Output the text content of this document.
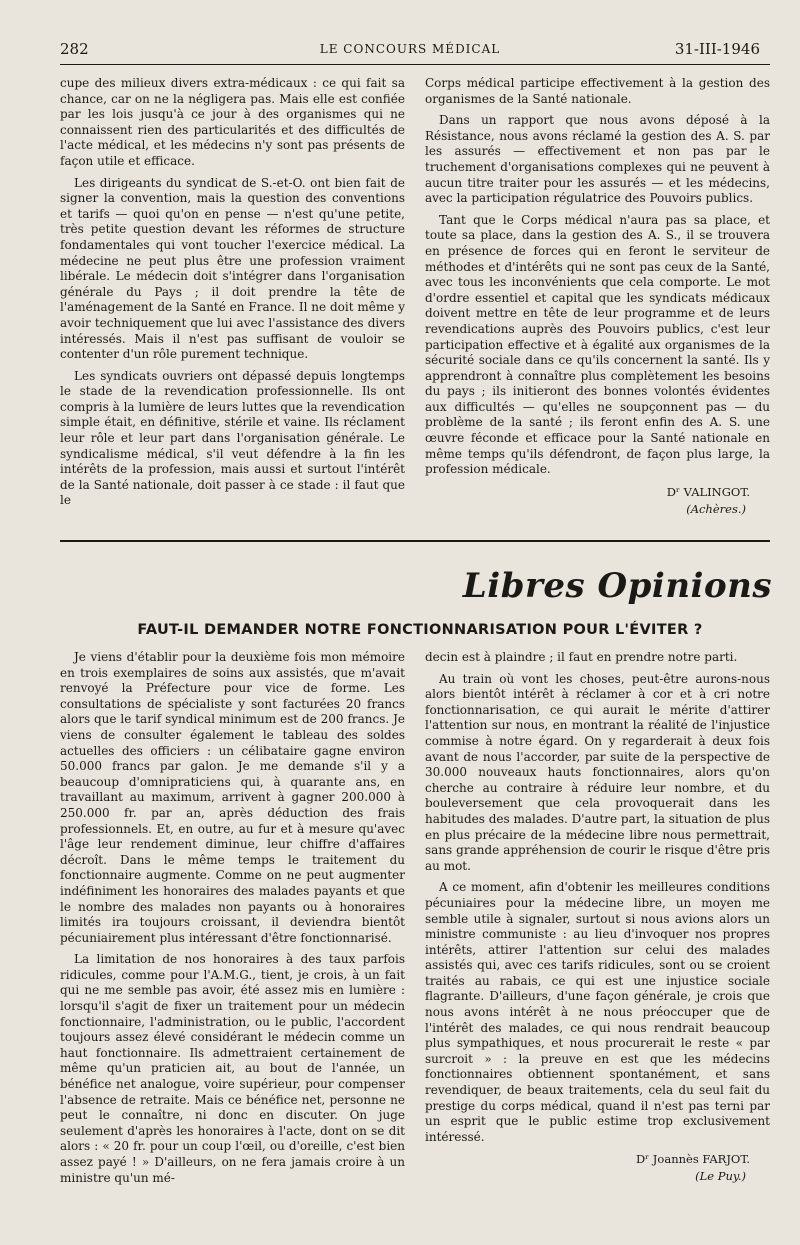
282	LE CONCOURS MÉDICAL	31-III-1946

cupe des milieux divers extra-médicaux : ce qui fait sa chance, car on ne la négligera pas. Mais elle est confiée par les lois jusqu'à ce jour à des organismes qui ne connaissent rien des particularités et des difficultés de l'acte médical, et les médecins n'y sont pas présents de façon utile et efficace.

Les dirigeants du syndicat de S.-et-O. ont bien fait de signer la convention, mais la question des conventions et tarifs — quoi qu'on en pense — n'est qu'une petite, très petite question devant les réformes de structure fondamentales qui vont toucher l'exercice médical. La médecine ne peut plus être une profession vraiment libérale. Le médecin doit s'intégrer dans l'organisation générale du Pays ; il doit prendre la tête de l'aménagement de la Santé en France. Il ne doit même y avoir techniquement que lui avec l'assistance des divers intéressés. Mais il n'est pas suffisant de vouloir se contenter d'un rôle purement technique.

Les syndicats ouvriers ont dépassé depuis longtemps le stade de la revendication professionnelle. Ils ont compris à la lumière de leurs luttes que la revendication simple était, en définitive, stérile et vaine. Ils réclament leur rôle et leur part dans l'organisation générale. Le syndicalisme médical, s'il veut défendre à la fin les intérêts de la profession, mais aussi et surtout l'intérêt de la Santé nationale, doit passer à ce stade : il faut que le

Corps médical participe effectivement à la gestion des organismes de la Santé nationale.

Dans un rapport que nous avons déposé à la Résistance, nous avons réclamé la gestion des A. S. par les assurés — effectivement et non pas par le truchement d'organisations complexes qui ne peuvent à aucun titre traiter pour les assurés — et les médecins, avec la participation régulatrice des Pouvoirs publics.

Tant que le Corps médical n'aura pas sa place, et toute sa place, dans la gestion des A. S., il se trouvera en présence de forces qui en feront le serviteur de méthodes et d'intérêts qui ne sont pas ceux de la Santé, avec tous les inconvénients que cela comporte. Le mot d'ordre essentiel et capital que les syndicats médicaux doivent mettre en tête de leur programme et de leurs revendications auprès des Pouvoirs publics, c'est leur participation effective et à égalité aux organismes de la sécurité sociale dans ce qu'ils concernent la santé. Ils y apprendront à connaître plus complètement les besoins du pays ; ils initieront des bonnes volontés évidentes aux difficultés — qu'elles ne soupçonnent pas — du problème de la santé ; ils feront enfin des A. S. une œuvre féconde et efficace pour la Santé nationale en même temps qu'ils défendront, de façon plus large, la profession médicale.

Dʳ VALINGOT.
(Achères.)
Libres Opinions
FAUT-IL DEMANDER NOTRE FONCTIONNARISATION POUR L'ÉVITER ?

Je viens d'établir pour la deuxième fois mon mémoire en trois exemplaires de soins aux assistés, que m'avait renvoyé la Préfecture pour vice de forme. Les consultations de spécialiste y sont facturées 20 francs alors que le tarif syndical minimum est de 200 francs. Je viens de consulter également le tableau des soldes actuelles des officiers : un célibataire gagne environ 50.000 francs par galon. Je me demande s'il y a beaucoup d'omnipraticiens qui, à quarante ans, en travaillant au maximum, arrivent à gagner 200.000 à 250.000 fr. par an, après déduction des frais professionnels. Et, en outre, au fur et à mesure qu'avec l'âge leur rendement diminue, leur chiffre d'affaires décroît. Dans le même temps le traitement du fonctionnaire augmente. Comme on ne peut augmenter indéfiniment les honoraires des malades payants et que le nombre des malades non payants ou à honoraires limités ira toujours croissant, il deviendra bientôt pécuniairement plus intéressant d'être fonctionnarisé.

La limitation de nos honoraires à des taux parfois ridicules, comme pour l'A.M.G., tient, je crois, à un fait qui ne me semble pas avoir, été assez mis en lumière : lorsqu'il s'agit de fixer un traitement pour un médecin fonctionnaire, l'administration, ou le public, l'accordent toujours assez élevé considérant le médecin comme un haut fonctionnaire. Ils admettraient certainement de même qu'un praticien ait, au bout de l'année, un bénéfice net analogue, voire supérieur, pour compenser l'absence de retraite. Mais ce bénéfice net, personne ne peut le connaître, ni donc en discuter. On juge seulement d'après les honoraires à l'acte, dont on se dit alors : « 20 fr. pour un coup l'œil, ou d'oreille, c'est bien assez payé ! » D'ailleurs, on ne fera jamais croire à un ministre qu'un mé-

decin est à plaindre ; il faut en prendre notre parti.

Au train où vont les choses, peut-être aurons-nous alors bientôt intérêt à réclamer à cor et à cri notre fonctionnarisation, ce qui aurait le mérite d'attirer l'attention sur nous, en montrant la réalité de l'injustice commise à notre égard. On y regarderait à deux fois avant de nous l'accorder, par suite de la perspective de 30.000 nouveaux hauts fonctionnaires, alors qu'on cherche au contraire à réduire leur nombre, et du bouleversement que cela provoquerait dans les habitudes des malades. D'autre part, la situation de plus en plus précaire de la médecine libre nous permettrait, sans grande appréhension de courir le risque d'être pris au mot.

A ce moment, afin d'obtenir les meilleures conditions pécuniaires pour la médecine libre, un moyen me semble utile à signaler, surtout si nous avions alors un ministre communiste : au lieu d'invoquer nos propres intérêts, attirer l'attention sur celui des malades assistés qui, avec ces tarifs ridicules, sont ou se croient traités au rabais, ce qui est une injustice sociale flagrante. D'ailleurs, d'une façon générale, je crois que nous avons intérêt à ne nous préoccuper que de l'intérêt des malades, ce qui nous rendrait beaucoup plus sympathiques, et nous procurerait le reste « par surcroit » : la preuve en est que les médecins fonctionnaires obtiennent spontanément, et sans revendiquer, de beaux traitements, cela du seul fait du prestige du corps médical, quand il n'est pas terni par un esprit que le public estime trop exclusivement intéressé.

Dʳ Joannès FARJOT.
(Le Puy.)
